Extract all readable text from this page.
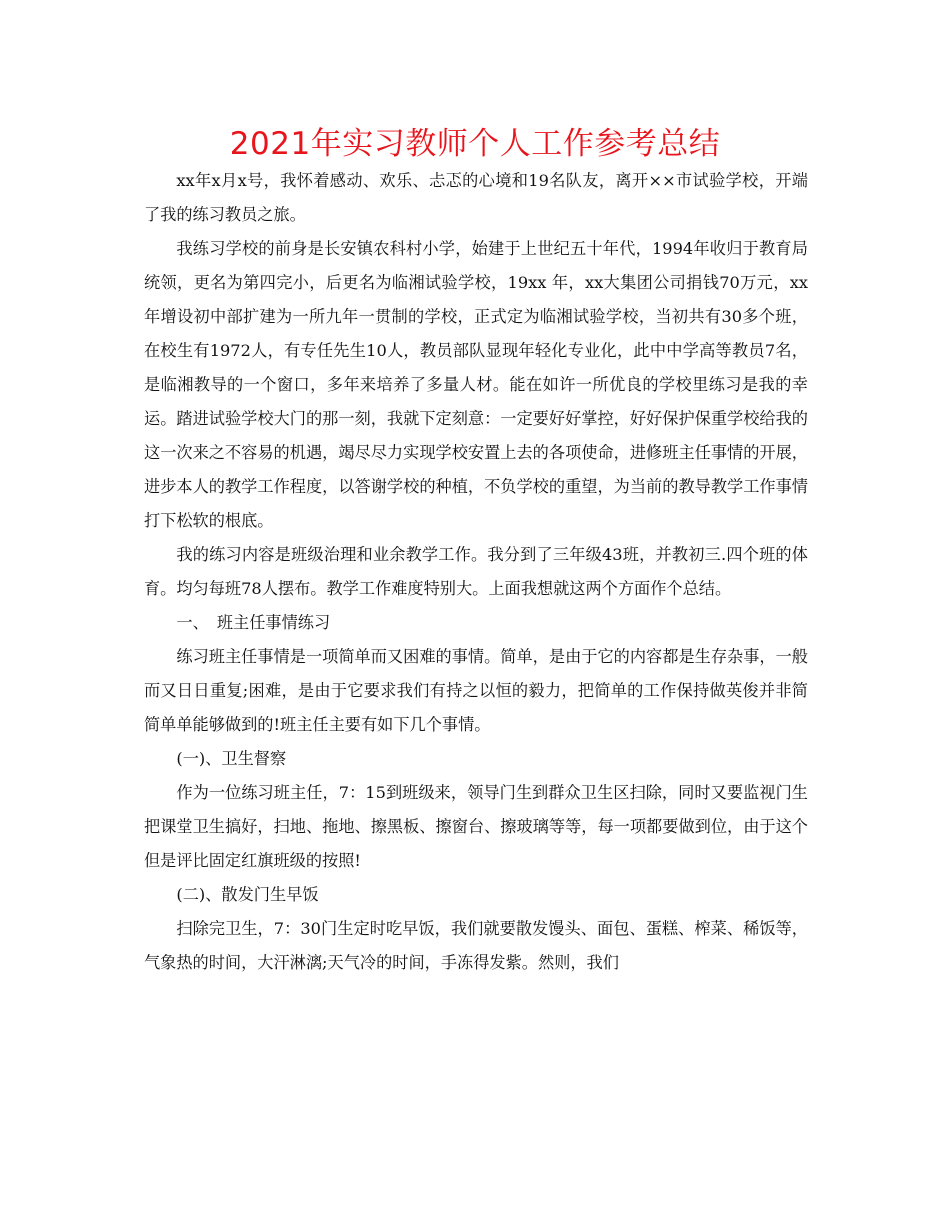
2021年实习教师个人工作参考总结

xx年x月x号，我怀着感动、欢乐、忐忑的心境和19名队友，离开××市试验学校，开端了我的练习教员之旅。

我练习学校的前身是长安镇农科村小学，始建于上世纪五十年代，1994年收归于教育局统领，更名为第四完小，后更名为临湘试验学校，19xx 年，xx大集团公司捐钱70万元，xx年增设初中部扩建为一所九年一贯制的学校，正式定为临湘试验学校，当初共有30多个班，在校生有1972人，有专任先生10人，教员部队显现年轻化专业化，此中中学高等教员7名，是临湘教导的一个窗口，多年来培养了多量人材。能在如许一所优良的学校里练习是我的幸运。踏进试验学校大门的那一刻，我就下定刻意：一定要好好掌控，好好保护保重学校给我的这一次来之不容易的机遇，竭尽尽力实现学校安置上去的各项使命，进修班主任事情的开展，进步本人的教学工作程度，以答谢学校的种植，不负学校的重望，为当前的教导教学工作事情打下松软的根底。

我的练习内容是班级治理和业余教学工作。我分到了三年级43班，并教初三.四个班的体育。均匀每班78人摆布。教学工作难度特别大。上面我想就这两个方面作个总结。

一、　班主任事情练习

练习班主任事情是一项简单而又困难的事情。简单，是由于它的内容都是生存杂事，一般而又日日重复;困难，是由于它要求我们有持之以恒的毅力，把简单的工作保持做英俊并非简简单单能够做到的!班主任主要有如下几个事情。

(一)、卫生督察

作为一位练习班主任，7：15到班级来，领导门生到群众卫生区扫除，同时又要监视门生把课堂卫生搞好，扫地、拖地、擦黑板、擦窗台、擦玻璃等等，每一项都要做到位，由于这个但是评比固定红旗班级的按照!

(二)、散发门生早饭

扫除完卫生，7：30门生定时吃早饭，我们就要散发馒头、面包、蛋糕、榨菜、稀饭等，气象热的时间，大汗淋漓;天气冷的时间，手冻得发紫。然则，我们
